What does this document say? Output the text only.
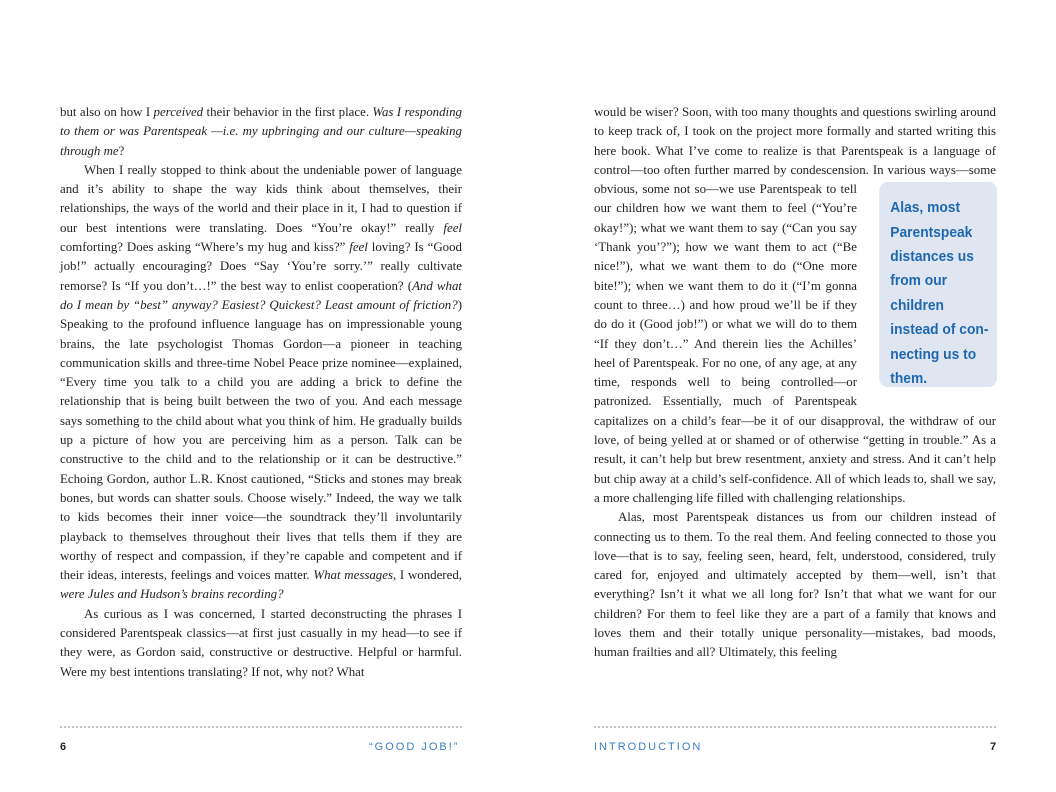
but also on how I perceived their behavior in the first place. Was I responding to them or was Parentspeak —i.e. my upbringing and our culture—speaking through me?

When I really stopped to think about the undeniable power of language and it’s ability to shape the way kids think about themselves, their relationships, the ways of the world and their place in it, I had to question if our best intentions were translating. Does “You’re okay!” really feel comforting? Does asking “Where’s my hug and kiss?” feel loving? Is “Good job!” actually encouraging? Does “Say ‘You’re sorry.’” really cultivate remorse? Is “If you don’t…!” the best way to enlist cooperation? (And what do I mean by “best” anyway? Easiest? Quickest? Least amount of friction?) Speaking to the profound influence language has on impressionable young brains, the late psychologist Thomas Gordon—a pioneer in teaching communication skills and three-time Nobel Peace prize nominee—explained, “Every time you talk to a child you are adding a brick to define the relationship that is being built between the two of you. And each message says something to the child about what you think of him. He gradually builds up a picture of how you are perceiving him as a person. Talk can be constructive to the child and to the relationship or it can be destructive.” Echoing Gordon, author L.R. Knost cautioned, “Sticks and stones may break bones, but words can shatter souls. Choose wisely.” Indeed, the way we talk to kids becomes their inner voice—the soundtrack they’ll involuntarily playback to themselves throughout their lives that tells them if they are worthy of respect and compassion, if they’re capable and competent and if their ideas, interests, feelings and voices matter. What messages, I wondered, were Jules and Hudson’s brains recording?

As curious as I was concerned, I started deconstructing the phrases I considered Parentspeak classics—at first just casually in my head—to see if they were, as Gordon said, constructive or destructive. Helpful or harmful. Were my best intentions translating? If not, why not? What

6	“GOOD JOB!”

would be wiser? Soon, with too many thoughts and questions swirling around to keep track of, I took on the project more formally and started writing this here book. What I’ve come to realize is that Parentspeak is a language of control—too often further marred by condescension. In various ways—some
Alas, most Parentspeak distances us from our children instead of con- necting us to them.
obvious, some not so—we use Parentspeak to tell our children how we want them to feel (“You’re okay!”); what we want them to say (“Can you say ‘Thank you’?”); how we want them to act (“Be nice!”), what we want them to do (“One more bite!”); when we want them to do it (“I’m gonna count to three…) and how proud we’ll be if they do do it (Good job!”) or what we will do to them “If they don’t…” And therein lies the Achilles’ heel of Parentspeak. For no one, of any age, at any time, responds well to being controlled—or patronized. Essentially, much of Parentspeak capitalizes on a child’s fear—be it of our disapproval, the withdraw of our love, of being yelled at or shamed or of otherwise “getting in trouble.” As a result, it can’t help but brew resentment, anxiety and stress. And it can’t help but chip away at a child’s self-confidence. All of which leads to, shall we say, a more challenging life filled with challenging relationships.

Alas, most Parentspeak distances us from our children instead of connecting us to them. To the real them. And feeling connected to those you love—that is to say, feeling seen, heard, felt, understood, considered, truly cared for, enjoyed and ultimately accepted by them—well, isn’t that everything? Isn’t it what we all long for? Isn’t that what we want for our children? For them to feel like they are a part of a family that knows and loves them and their totally unique personality—mistakes, bad moods, human frailties and all? Ultimately, this feeling

7
INTRODUCTION
